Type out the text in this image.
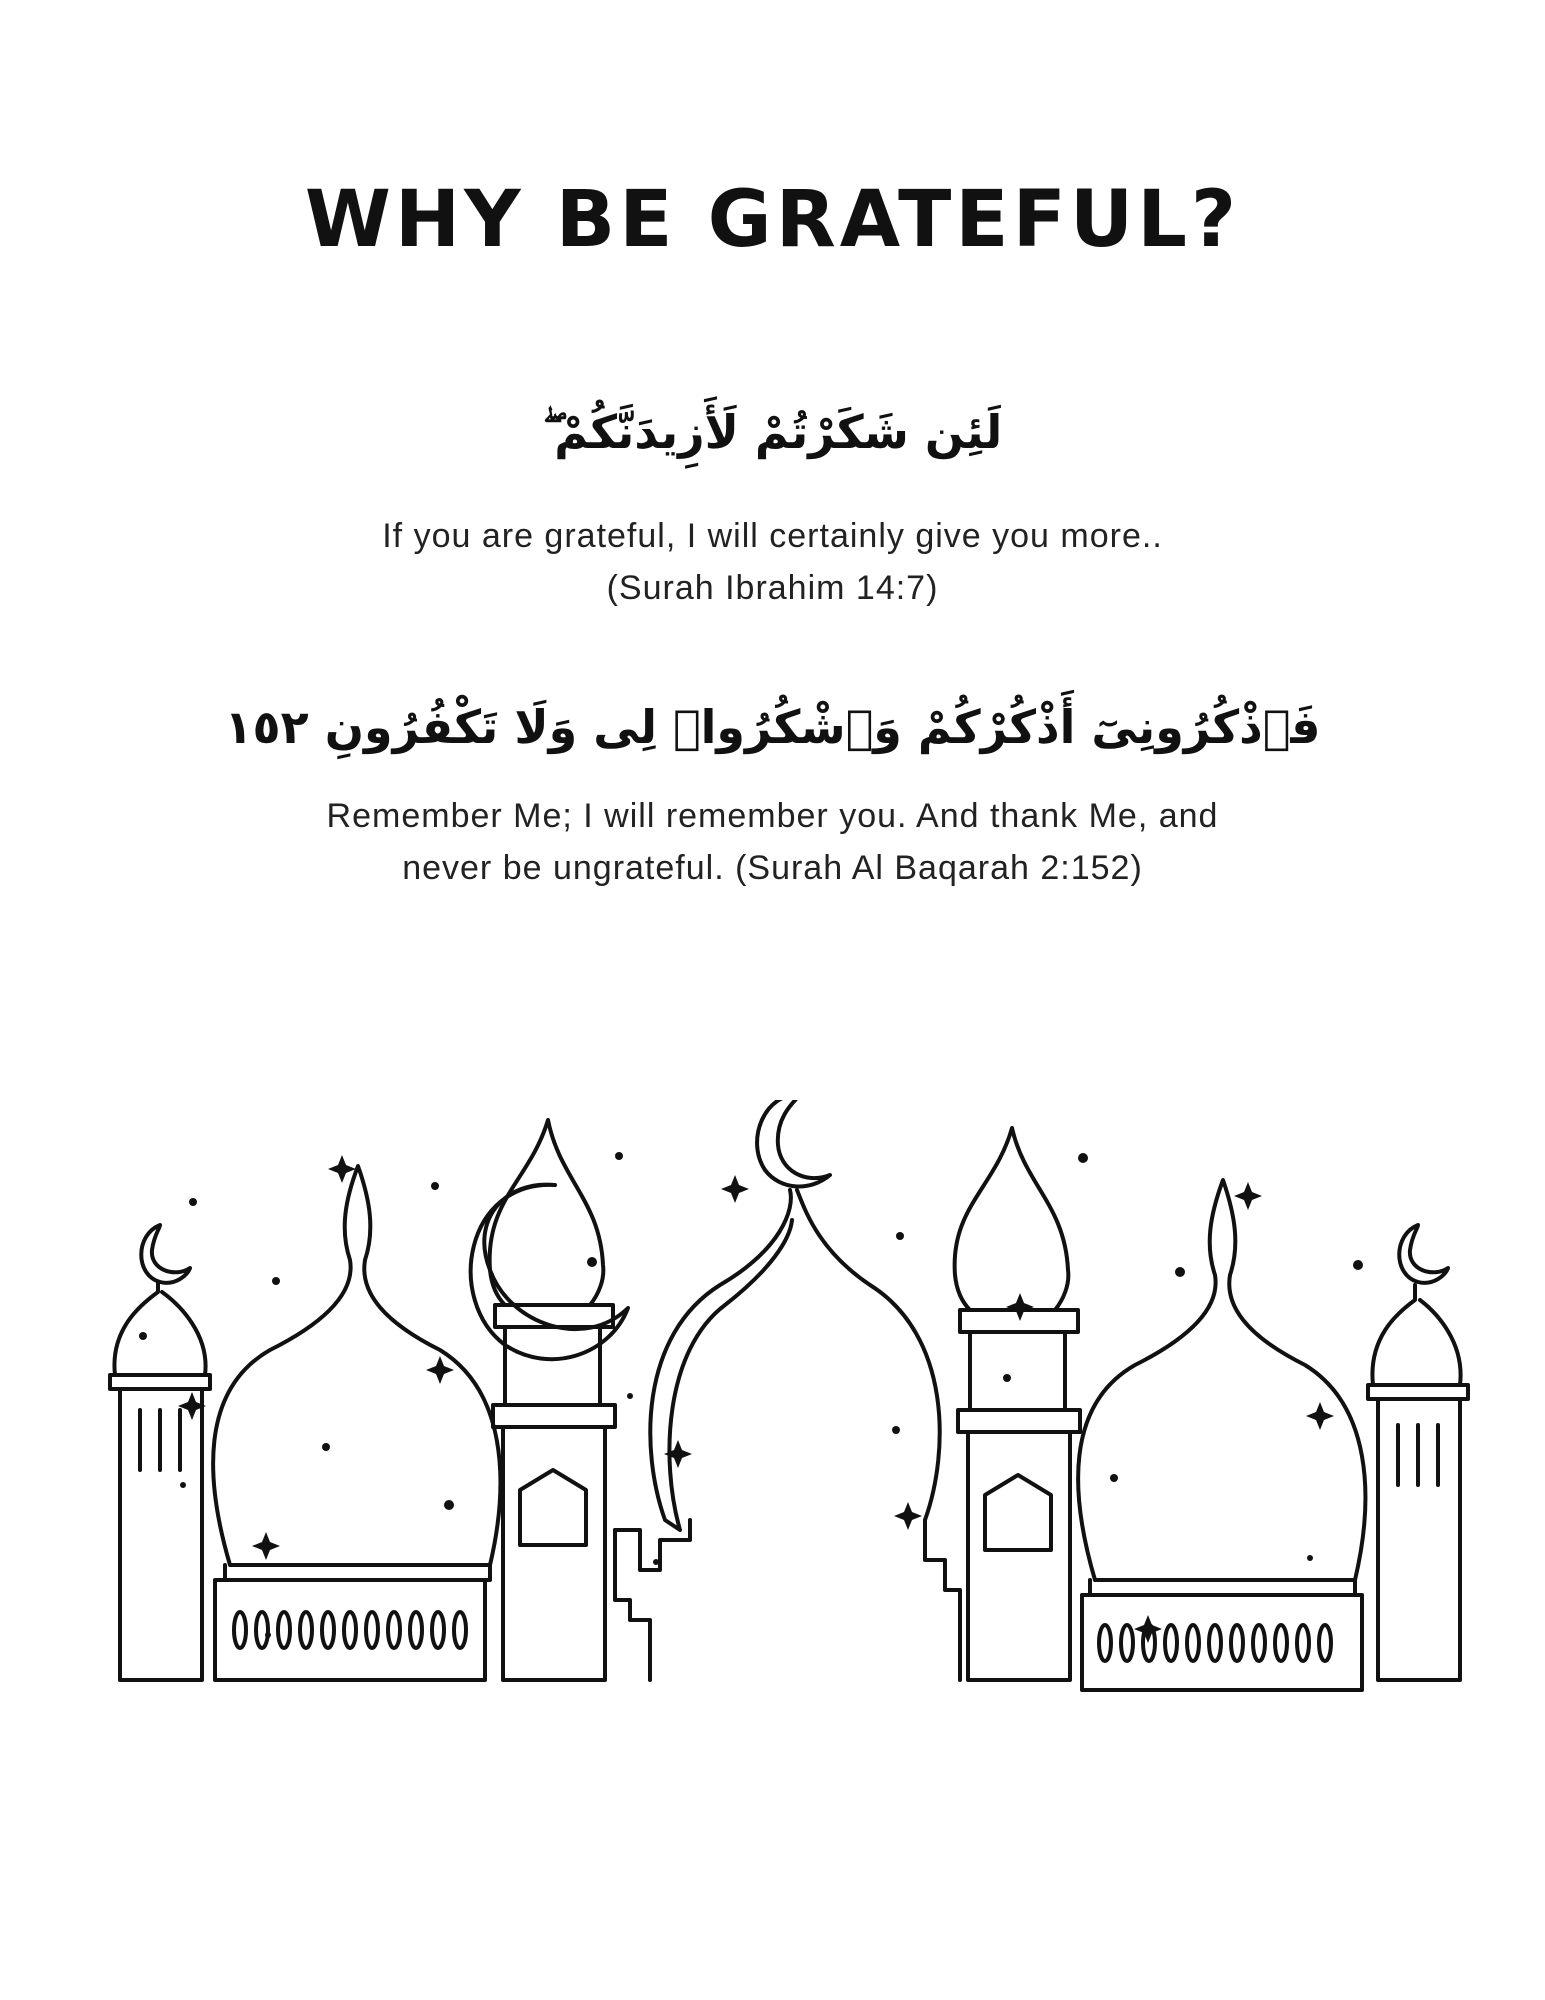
WHY BE GRATEFUL?

لَئِن شَكَرْتُمْ لَأَزِيدَنَّكُمْ ۖ

If you are grateful, I will certainly give you more..
(Surah Ibrahim 14:7)

فَٱذْكُرُونِىٓ أَذْكُرْكُمْ وَٱشْكُرُوا۟ لِى وَلَا تَكْفُرُونِ ١٥٢

Remember Me; I will remember you. And thank Me, and
never be ungrateful. (Surah Al Baqarah 2:152)
